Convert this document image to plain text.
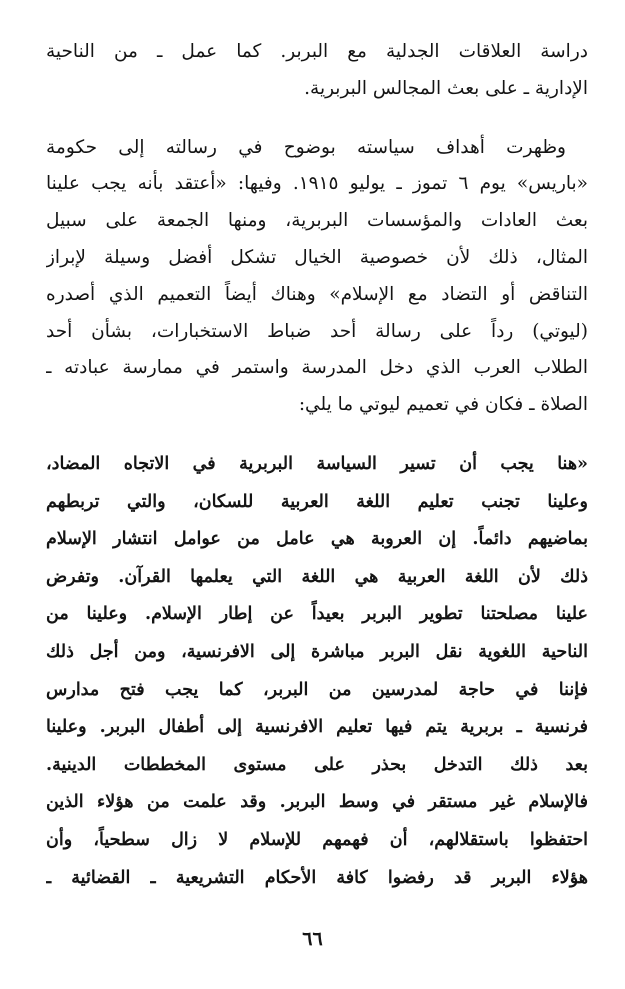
دراسة العلاقات الجدلية مع البربر. كما عمل ـ من الناحية
الإدارية ـ على بعث المجالس البربرية.

وظهرت أهداف سياسته بوضوح في رسالته إلى حكومة
«باريس» يوم ٦ تموز ـ يوليو ١٩١٥. وفيها: «أعتقد بأنه يجب علينا
بعث العادات والمؤسسات البربرية، ومنها الجمعة على سبيل
المثال، ذلك لأن خصوصية الخيال تشكل أفضل وسيلة لإبراز
التناقض أو التضاد مع الإسلام» وهناك أيضاً التعميم الذي أصدره
(ليوتي) رداً على رسالة أحد ضباط الاستخبارات، بشأن أحد
الطلاب العرب الذي دخل المدرسة واستمر في ممارسة عبادته ـ
الصلاة ـ فكان في تعميم ليوتي ما يلي:

«هنا يجب أن تسير السياسة البربرية في الاتجاه المضاد،
وعلينا تجنب تعليم اللغة العربية للسكان، والتي تربطهم
بماضيهم دائماً. إن العروبة هي عامل من عوامل انتشار الإسلام
ذلك لأن اللغة العربية هي اللغة التي يعلمها القرآن. وتفرض
علينا مصلحتنا تطوير البربر بعيداً عن إطار الإسلام. وعلينا من
الناحية اللغوية نقل البربر مباشرة إلى الافرنسية، ومن أجل ذلك
فإننا في حاجة لمدرسين من البربر، كما يجب فتح مدارس
فرنسية ـ بربرية يتم فيها تعليم الافرنسية إلى أطفال البربر. وعلينا
بعد ذلك التدخل بحذر على مستوى المخططات الدينية.
فالإسلام غير مستقر في وسط البربر. وقد علمت من هؤلاء الذين
احتفظوا باستقلالهم، أن فهمهم للإسلام لا زال سطحياً، وأن
هؤلاء البربر قد رفضوا كافة الأحكام التشريعية ـ القضائية ـ
٦٦
